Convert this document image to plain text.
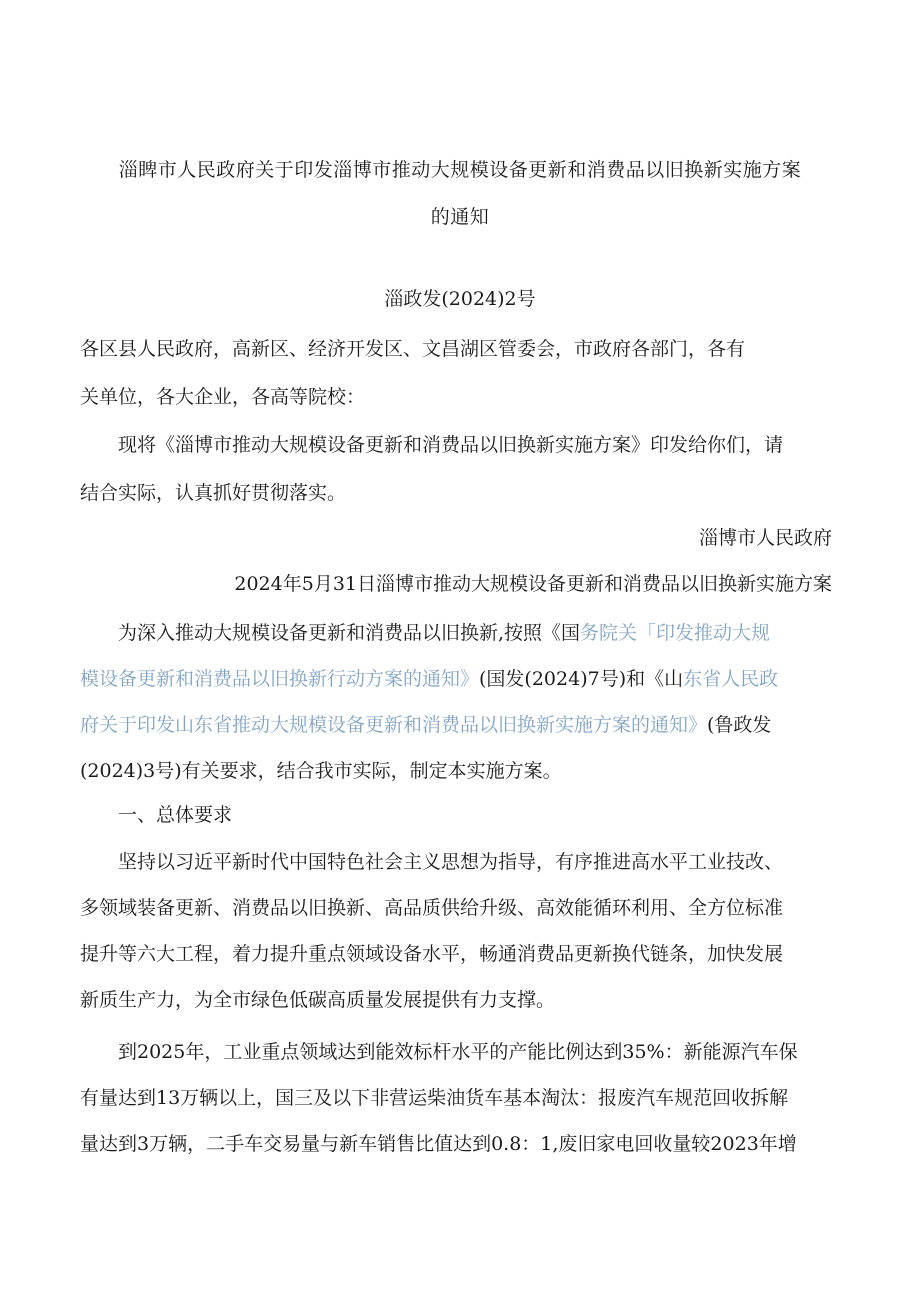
淄睥市人民政府关于印发淄博市推动大规模设备更新和消费品以旧换新实施方案
的通知
淄政发(2024)2号
各区县人民政府，高新区、经济开发区、文昌湖区管委会，市政府各部门，各有
关单位，各大企业，各高等院校：
现将《淄博市推动大规模设备更新和消费品以旧换新实施方案》印发给你们，请
结合实际，认真抓好贯彻落实。
淄博市人民政府
2024年5月31日淄博市推动大规模设备更新和消费品以旧换新实施方案
为深入推动大规模设备更新和消费品以旧换新,按照《国务院关「印发推动大规
模设备更新和消费品以旧换新行动方案的通知》(国发(2024)7号)和《山东省人民政
府关于印发山东省推动大规模设备更新和消费品以旧换新实施方案的通知》(鲁政发
(2024)3号)有关要求，结合我市实际，制定本实施方案。
一、总体要求
坚持以习近平新时代中国特色社会主义思想为指导，有序推进高水平工业技改、
多领域装备更新、消费品以旧换新、高品质供给升级、高效能循环利用、全方位标准
提升等六大工程，着力提升重点领域设备水平，畅通消费品更新换代链条，加快发展
新质生产力，为全市绿色低碳高质量发展提供有力支撑。
到2025年，工业重点领域达到能效标杆水平的产能比例达到35%：新能源汽车保
有量达到13万辆以上，国三及以下非营运柴油货车基本淘汰：报废汽车规范回收拆解
量达到3万辆，二手车交易量与新车销售比值达到0.8：1,废旧家电回收量较2023年增
